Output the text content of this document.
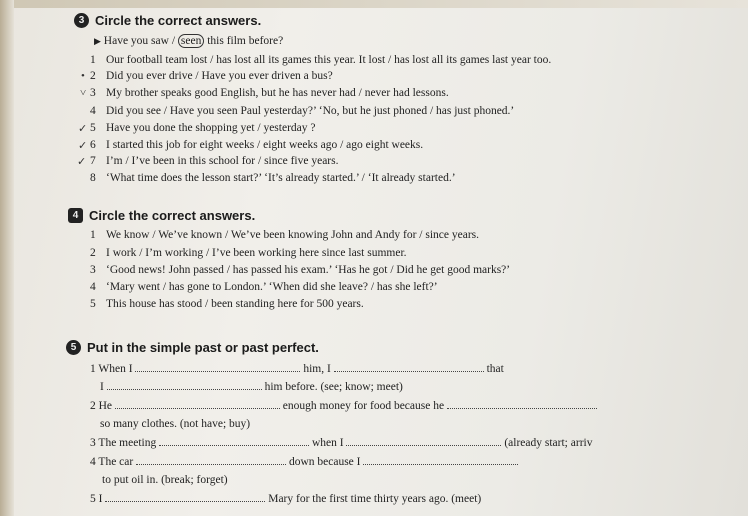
3 Circle the correct answers.
▶ Have you saw / seen this film before?
1 Our football team lost / has lost all its games this year. It lost / has lost all its games last year too.
2 Did you ever drive / Have you ever driven a bus?
3 My brother speaks good English, but he has never had / never had lessons.
4 Did you see / Have you seen Paul yesterday?’ ‘No, but he just phoned / has just phoned.’
5 Have you done the shopping yet / yesterday ?
6 I started this job for eight weeks / eight weeks ago / ago eight weeks.
7 I’m / I’ve been in this school for / since five years.
8 ‘What time does the lesson start?’ ‘It’s already started.’ / ‘It already started.’
•
˅
✓
✓
✓
4 Circle the correct answers.
1 We know / We’ve known / We’ve been knowing John and Andy for / since years.
2 I work / I’m working / I’ve been working here since last summer.
3 ‘Good news! John passed / has passed his exam.’ ‘Has he got / Did he get good marks?’
4 ‘Mary went / has gone to London.’ ‘When did she leave? / has she left?’
5 This house has stood / been standing here for 500 years.
5 Put in the simple past or past perfect.
1 When I	him, I	that
I	him before. (see; know; meet)
2 He	enough money for food because he
so many clothes. (not have; buy)
3 The meeting	when I	(already start; arriv
4 The car	down because I
to put oil in. (break; forget)
5 I	Mary for the first time thirty years ago. (meet)
